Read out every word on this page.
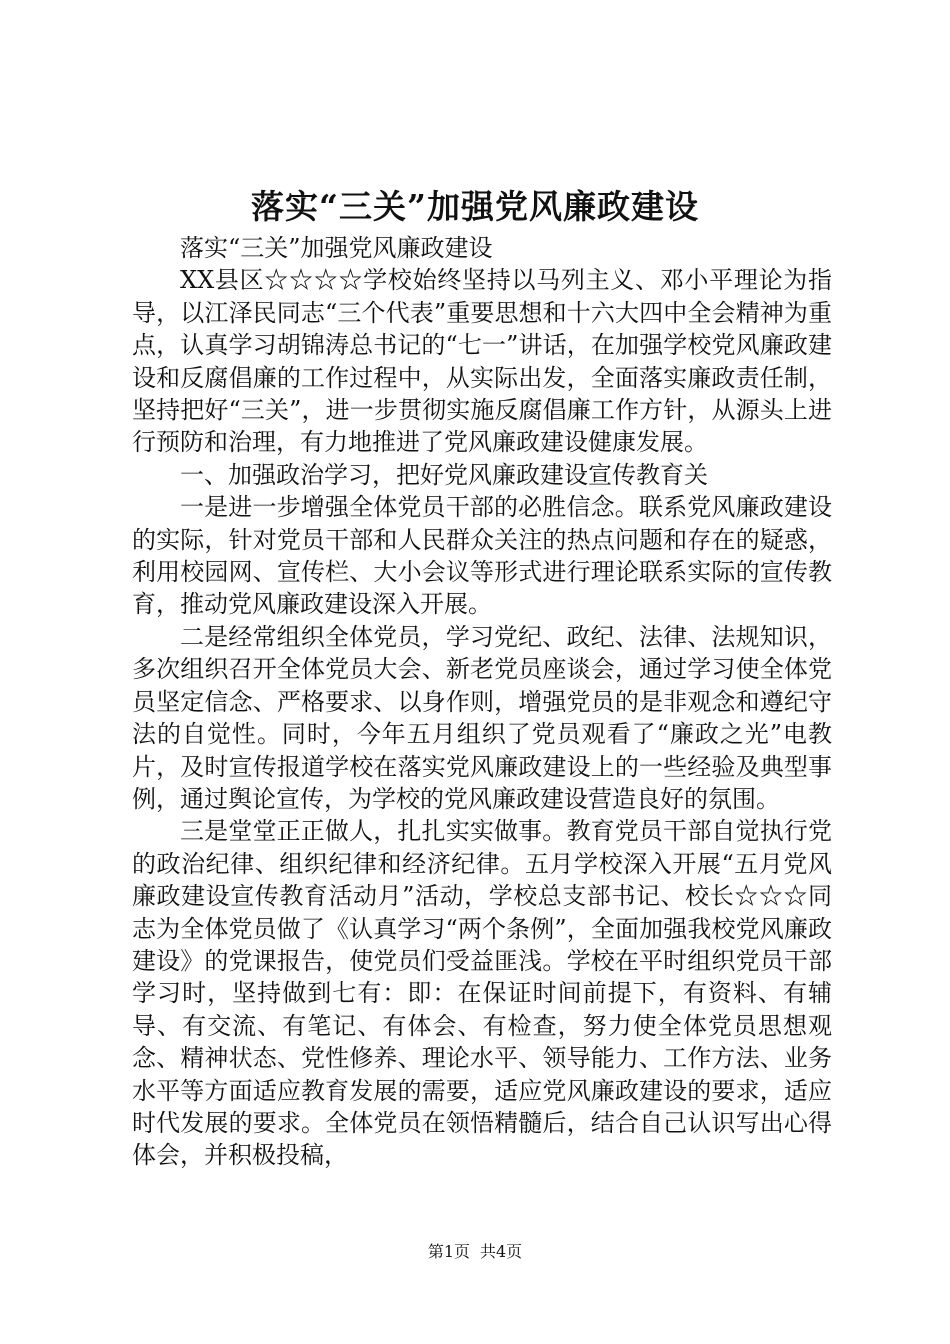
落实“三关”加强党风廉政建设

落实“三关”加强党风廉政建设

XX县区☆☆☆☆学校始终坚持以马列主义、邓小平理论为指导，以江泽民同志“三个代表”重要思想和十六大四中全会精神为重点，认真学习胡锦涛总书记的“七一”讲话，在加强学校党风廉政建设和反腐倡廉的工作过程中，从实际出发，全面落实廉政责任制，坚持把好“三关”，进一步贯彻实施反腐倡廉工作方针，从源头上进行预防和治理，有力地推进了党风廉政建设健康发展。

一、加强政治学习，把好党风廉政建设宣传教育关

一是进一步增强全体党员干部的必胜信念。联系党风廉政建设的实际，针对党员干部和人民群众关注的热点问题和存在的疑惑，利用校园网、宣传栏、大小会议等形式进行理论联系实际的宣传教育，推动党风廉政建设深入开展。

二是经常组织全体党员，学习党纪、政纪、法律、法规知识，多次组织召开全体党员大会、新老党员座谈会，通过学习使全体党员坚定信念、严格要求、以身作则，增强党员的是非观念和遵纪守法的自觉性。同时，今年五月组织了党员观看了“廉政之光”电教片，及时宣传报道学校在落实党风廉政建设上的一些经验及典型事例，通过舆论宣传，为学校的党风廉政建设营造良好的氛围。

三是堂堂正正做人，扎扎实实做事。教育党员干部自觉执行党的政治纪律、组织纪律和经济纪律。五月学校深入开展“五月党风廉政建设宣传教育活动月”活动，学校总支部书记、校长☆☆☆同志为全体党员做了《认真学习“两个条例”，全面加强我校党风廉政建设》的党课报告，使党员们受益匪浅。学校在平时组织党员干部学习时，坚持做到七有：即：在保证时间前提下，有资料、有辅导、有交流、有笔记、有体会、有检查，努力使全体党员思想观念、精神状态、党性修养、理论水平、领导能力、工作方法、业务水平等方面适应教育发展的需要，适应党风廉政建设的要求，适应时代发展的要求。全体党员在领悟精髓后，结合自己认识写出心得体会，并积极投稿，

第1页 共4页
